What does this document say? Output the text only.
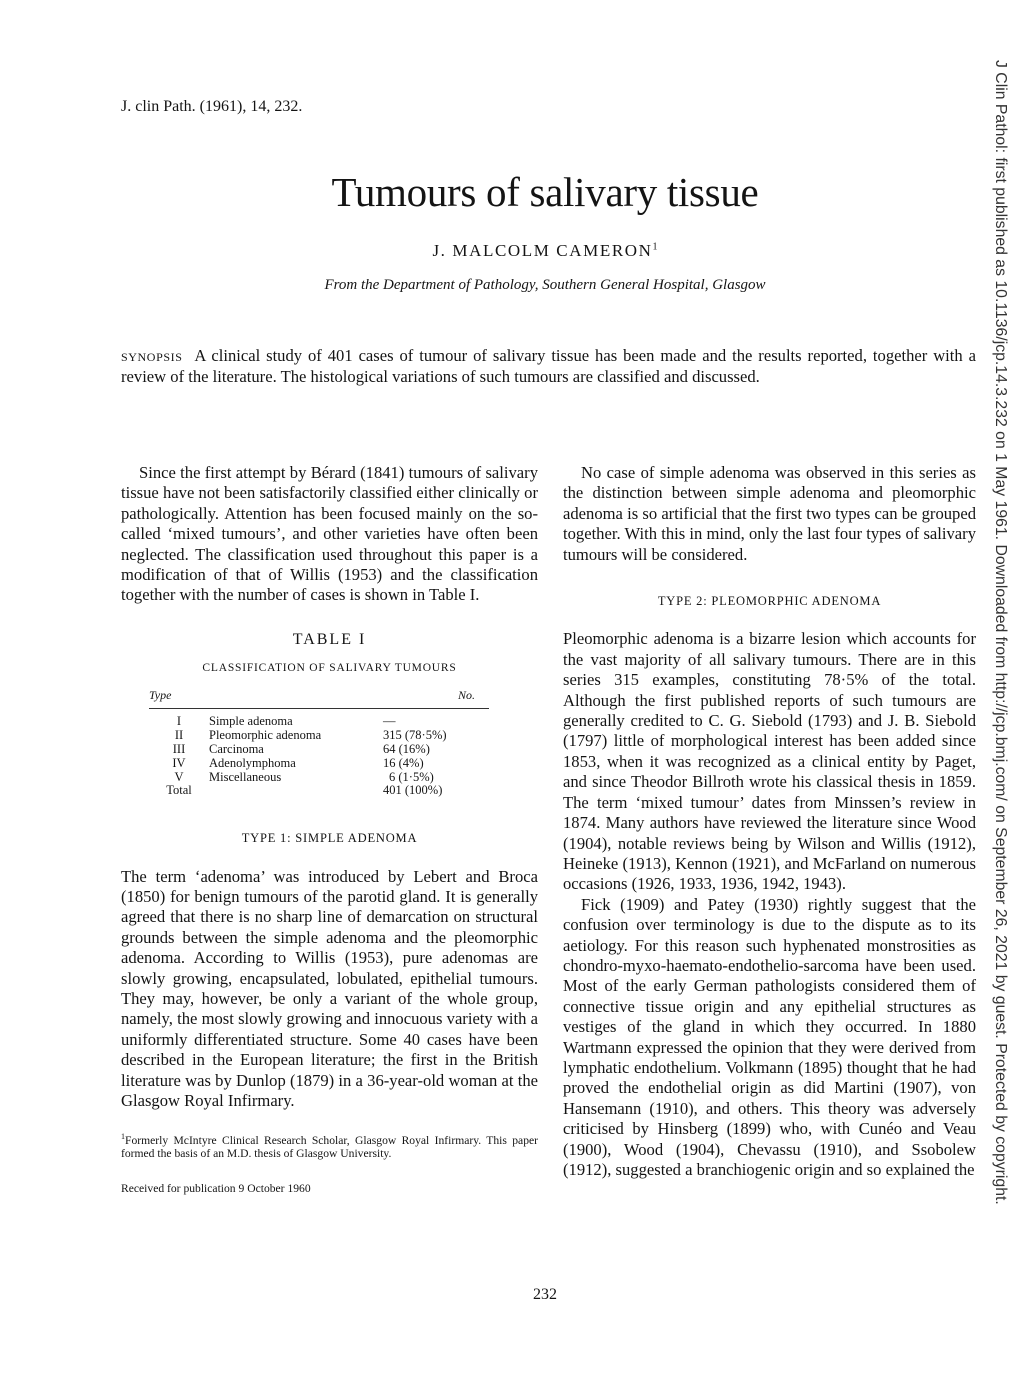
J. clin Path. (1961), 14, 232.
Tumours of salivary tissue
J. MALCOLM CAMERON$^1$
From the Department of Pathology, Southern General Hospital, Glasgow
SYNOPSIS A clinical study of 401 cases of tumour of salivary tissue has been made and the results reported, together with a review of the literature. The histological variations of such tumours are classified and discussed.

Since the first attempt by Bérard (1841) tumours of salivary tissue have not been satisfactorily classified either clinically or pathologically. Attention has been focused mainly on the so-called ‘mixed tumours’, and other varieties have often been neglected. The classification used throughout this paper is a modification of that of Willis (1953) and the classification together with the number of cases is shown in Table I.

TABLE I
CLASSIFICATION OF SALIVARY TUMOURS
Type		No.

I	Simple adenoma	—
II	Pleomorphic adenoma	315 (78·5%)
III	Carcinoma	64 (16%)
IV	Adenolymphoma	16 (4%)
V	Miscellaneous	6 (1·5%)
Total		401 (100%)
TYPE 1: SIMPLE ADENOMA

The term ‘adenoma’ was introduced by Lebert and Broca (1850) for benign tumours of the parotid gland. It is generally agreed that there is no sharp line of demarcation on structural grounds between the simple adenoma and the pleomorphic adenoma. According to Willis (1953), pure adenomas are slowly growing, encapsulated, lobulated, epithelial tumours. They may, however, be only a variant of the whole group, namely, the most slowly growing and innocuous variety with a uniformly differentiated structure. Some 40 cases have been described in the European literature; the first in the British literature was by Dunlop (1879) in a 36-year-old woman at the Glasgow Royal Infirmary.

$^1$Formerly McIntyre Clinical Research Scholar, Glasgow Royal Infirmary. This paper formed the basis of an M.D. thesis of Glasgow University.

Received for publication 9 October 1960

No case of simple adenoma was observed in this series as the distinction between simple adenoma and pleomorphic adenoma is so artificial that the first two types can be grouped together. With this in mind, only the last four types of salivary tumours will be considered.

TYPE 2: PLEOMORPHIC ADENOMA

Pleomorphic adenoma is a bizarre lesion which accounts for the vast majority of all salivary tumours. There are in this series 315 examples, constituting 78·5% of the total. Although the first published reports of such tumours are generally credited to C. G. Siebold (1793) and J. B. Siebold (1797) little of morphological interest has been added since 1853, when it was recognized as a clinical entity by Paget, and since Theodor Billroth wrote his classical thesis in 1859. The term ‘mixed tumour’ dates from Minssen’s review in 1874. Many authors have reviewed the literature since Wood (1904), notable reviews being by Wilson and Willis (1912), Heineke (1913), Kennon (1921), and McFarland on numerous occasions (1926, 1933, 1936, 1942, 1943).

Fick (1909) and Patey (1930) rightly suggest that the confusion over terminology is due to the dispute as to its aetiology. For this reason such hyphenated monstrosities as chondro-myxo-haemato-endothelio-sarcoma have been used. Most of the early German pathologists considered them of connective tissue origin and any epithelial structures as vestiges of the gland in which they occurred. In 1880 Wartmann expressed the opinion that they were derived from lymphatic endothelium. Volkmann (1895) thought that he had proved the endothelial origin as did Martini (1907), von Hansemann (1910), and others. This theory was adversely criticised by Hinsberg (1899) who, with Cunéo and Veau (1900), Wood (1904), Chevassu (1910), and Ssobolew (1912), suggested a branchiogenic origin and so explained the

232
J Clin Pathol: first published as 10.1136/jcp.14.3.232 on 1 May 1961. Downloaded from http://jcp.bmj.com/ on September 26, 2021 by guest. Protected by copyright.
